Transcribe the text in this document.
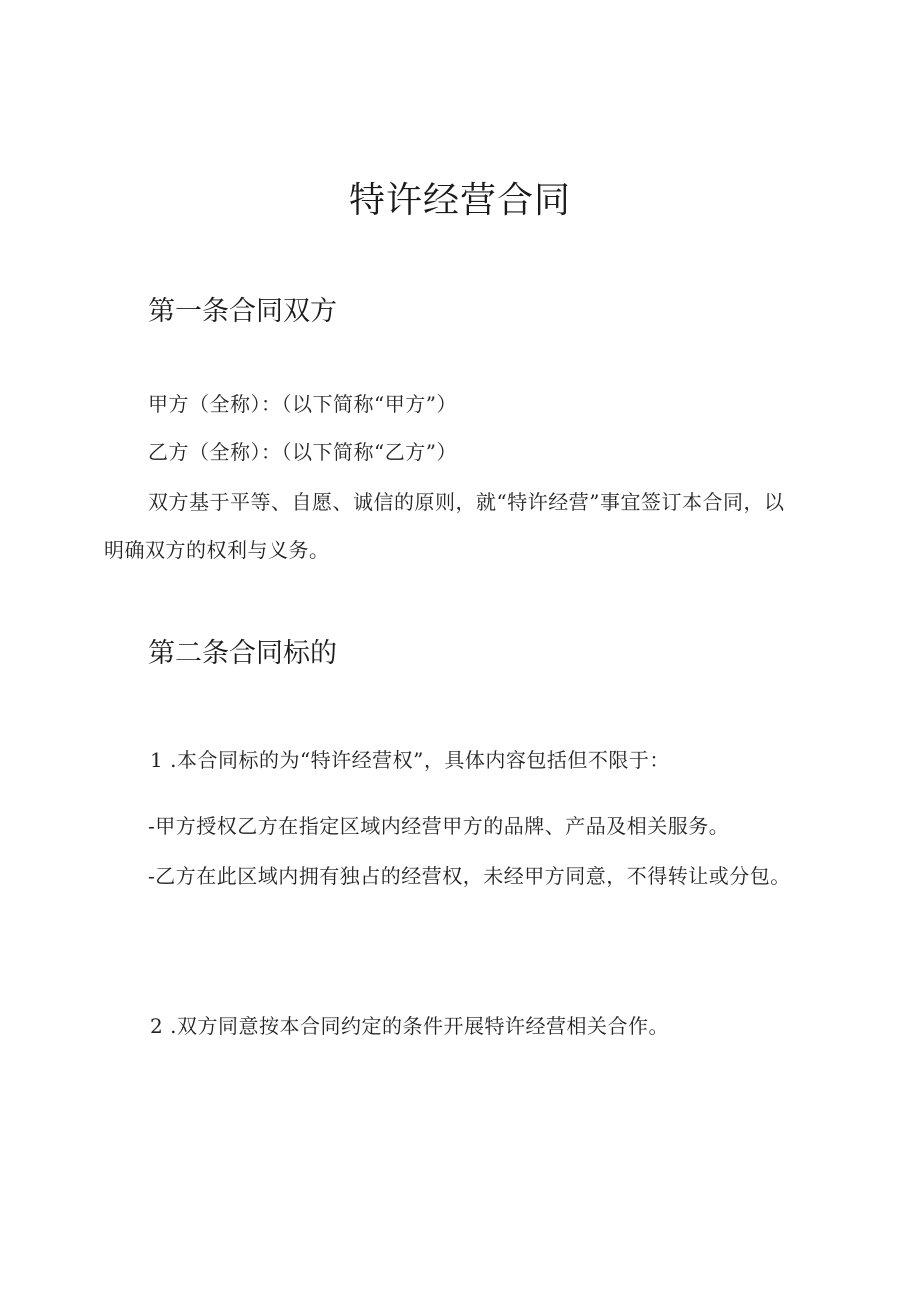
特许经营合同
第一条合同双方
甲方（全称）：（以下简称“甲方”）
乙方（全称）：（以下简称“乙方”）
双方基于平等、自愿、诚信的原则，就“特许经营”事宜签订本合同，以明确双方的权利与义务。
第二条合同标的
1 .本合同标的为“特许经营权”，具体内容包括但不限于：
-甲方授权乙方在指定区域内经营甲方的品牌、产品及相关服务。
-乙方在此区域内拥有独占的经营权，未经甲方同意，不得转让或分包。
2 .双方同意按本合同约定的条件开展特许经营相关合作。
